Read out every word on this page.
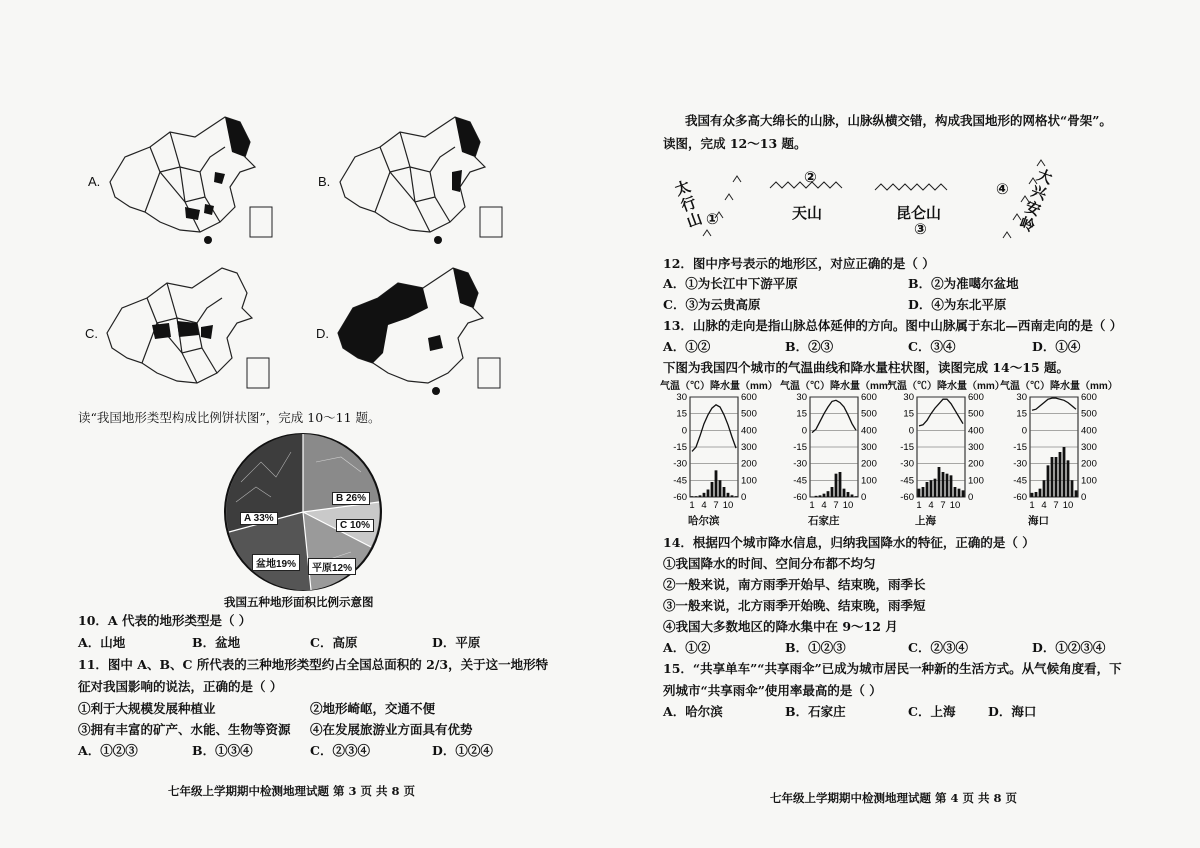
A.	B.
C.	D.
读“我国地形类型构成比例饼状图”，完成 10～11 题。
A 33%
B 26%
C 10%
盆地19%	平原12%
我国五种地形面积比例示意图
10．A 代表的地形类型是（ ）
A．山地	B．盆地	C．高原	D．平原
11．图中 A、B、C 所代表的三种地形类型约占全国总面积的 2/3，关于这一地形特
征对我国影响的说法，正确的是（ ）
①利于大规模发展种植业	②地形崎岖，交通不便
③拥有丰富的矿产、水能、生物等资源 ④在发展旅游业方面具有优势
A．①②③	B．①③④	C．②③④	D．①②④
七年级上学期期中检测地理试题 第 3 页 共 8 页
我国有众多高大绵长的山脉，山脉纵横交错，构成我国地形的网格状“骨架”。
读图，完成 12～13 题。
太行山 ①
②
天山	昆仑山
③
④
大兴安岭
12．图中序号表示的地形区，对应正确的是（ ）
A．①为长江中下游平原	B．②为准噶尔盆地
C．③为云贵高原	D．④为东北平原
13．山脉的走向是指山脉总体延伸的方向。图中山脉属于东北—西南走向的是（ ）
A．①②	B．②③	C．③④	D．①④
下图为我国四个城市的气温曲线和降水量柱状图，读图完成 14～15 题。
气温（℃）降水量（mm）
-60
-45
-30
-15
0
15
30
0
100
200
300
400
500
600
1 4 7 10
哈尔滨
气温（℃）降水量（mm）
-60
-45
-30
-15
0
15
30
0
100
200
300
400
500
600
1 4 7 10
石家庄
气温（℃）降水量（mm）
-60
-45
-30
-15
0
15
30
0
100
200
300
400
500
600
1 4 7 10
上海
气温（℃）降水量（mm）
-60
-45
-30
-15
0
15
30
0
100
200
300
400
500
600
1 4 7 10
海口
14．根据四个城市降水信息，归纳我国降水的特征，正确的是（ ）
①我国降水的时间、空间分布都不均匀
②一般来说，南方雨季开始早、结束晚，雨季长
③一般来说，北方雨季开始晚、结束晚，雨季短
④我国大多数地区的降水集中在 9～12 月
A．①②	B．①②③	C．②③④	D．①②③④
15．“共享单车”“共享雨伞”已成为城市居民一种新的生活方式。从气候角度看，下
列城市“共享雨伞”使用率最高的是（ ）
A．哈尔滨	B．石家庄	C．上海	D．海口
七年级上学期期中检测地理试题 第 4 页 共 8 页
